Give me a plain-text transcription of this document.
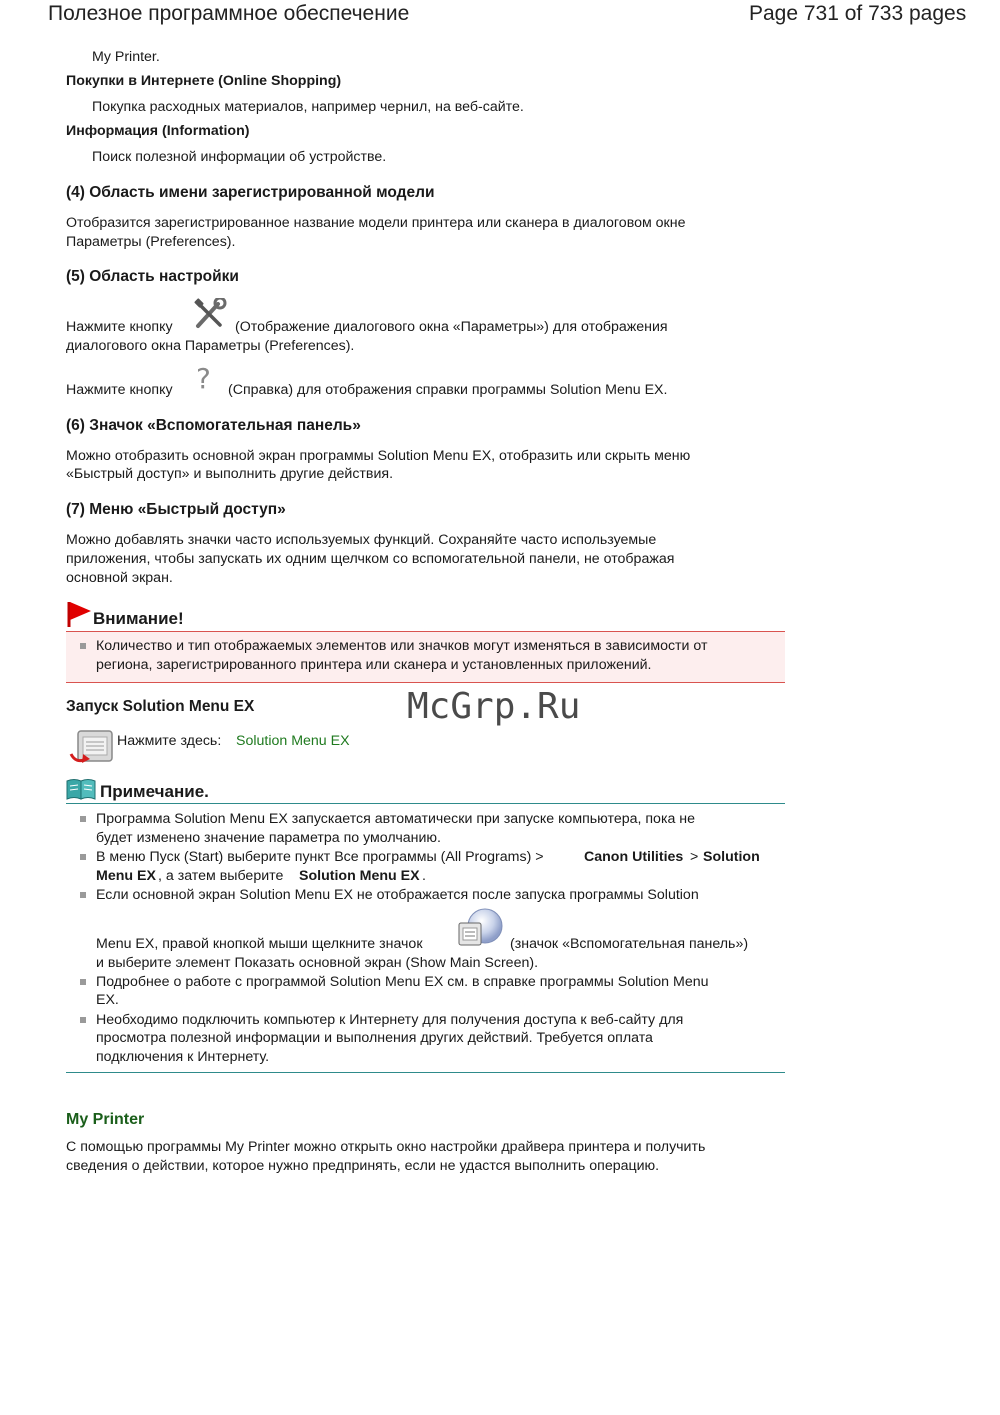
Полезное программное обеспечение	Page 731 of 733 pages
My Printer.
Покупки в Интернете (Online Shopping)
Покупка расходных материалов, например чернил, на веб-сайте.
Информация (Information)
Поиск полезной информации об устройстве.
(4) Область имени зарегистрированной модели
Отобразится зарегистрированное название модели принтера или сканера в диалоговом окне
Параметры (Preferences).
(5) Область настройки
Нажмите кнопку	(Отображение диалогового окна «Параметры») для отображения
диалогового окна Параметры (Preferences).
Нажмите кнопку ? (Справка) для отображения справки программы Solution Menu EX.
(6) Значок «Вспомогательная панель»
Можно отобразить основной экран программы Solution Menu EX, отобразить или скрыть меню
«Быстрый доступ» и выполнить другие действия.
(7) Меню «Быстрый доступ»
Можно добавлять значки часто используемых функций. Сохраняйте часто используемые
приложения, чтобы запускать их одним щелчком со вспомогательной панели, не отображая
основной экран.
Внимание!
Количество и тип отображаемых элементов или значков могут изменяться в зависимости от
региона, зарегистрированного принтера или сканера и установленных приложений.
Запуск Solution Menu EX	McGrp.Ru
Нажмите здесь: Solution Menu EX
Примечание.
Программа Solution Menu EX запускается автоматически при запуске компьютера, пока не
будет изменено значение параметра по умолчанию.
В меню Пуск (Start) выберите пункт Все программы (All Programs) >	Canon Utilities > Solution
Menu EX , а затем выберите Solution Menu EX .
Если основной экран Solution Menu EX не отображается после запуска программы Solution
Menu EX, правой кнопкой мыши щелкните значок	(значок «Вспомогательная панель»)
и выберите элемент Показать основной экран (Show Main Screen).
Подробнее о работе с программой Solution Menu EX см. в справке программы Solution Menu
EX.
Необходимо подключить компьютер к Интернету для получения доступа к веб-сайту для
просмотра полезной информации и выполнения других действий. Требуется оплата
подключения к Интернету.
My Printer
С помощью программы My Printer можно открыть окно настройки драйвера принтера и получить
сведения о действии, которое нужно предпринять, если не удастся выполнить операцию.
